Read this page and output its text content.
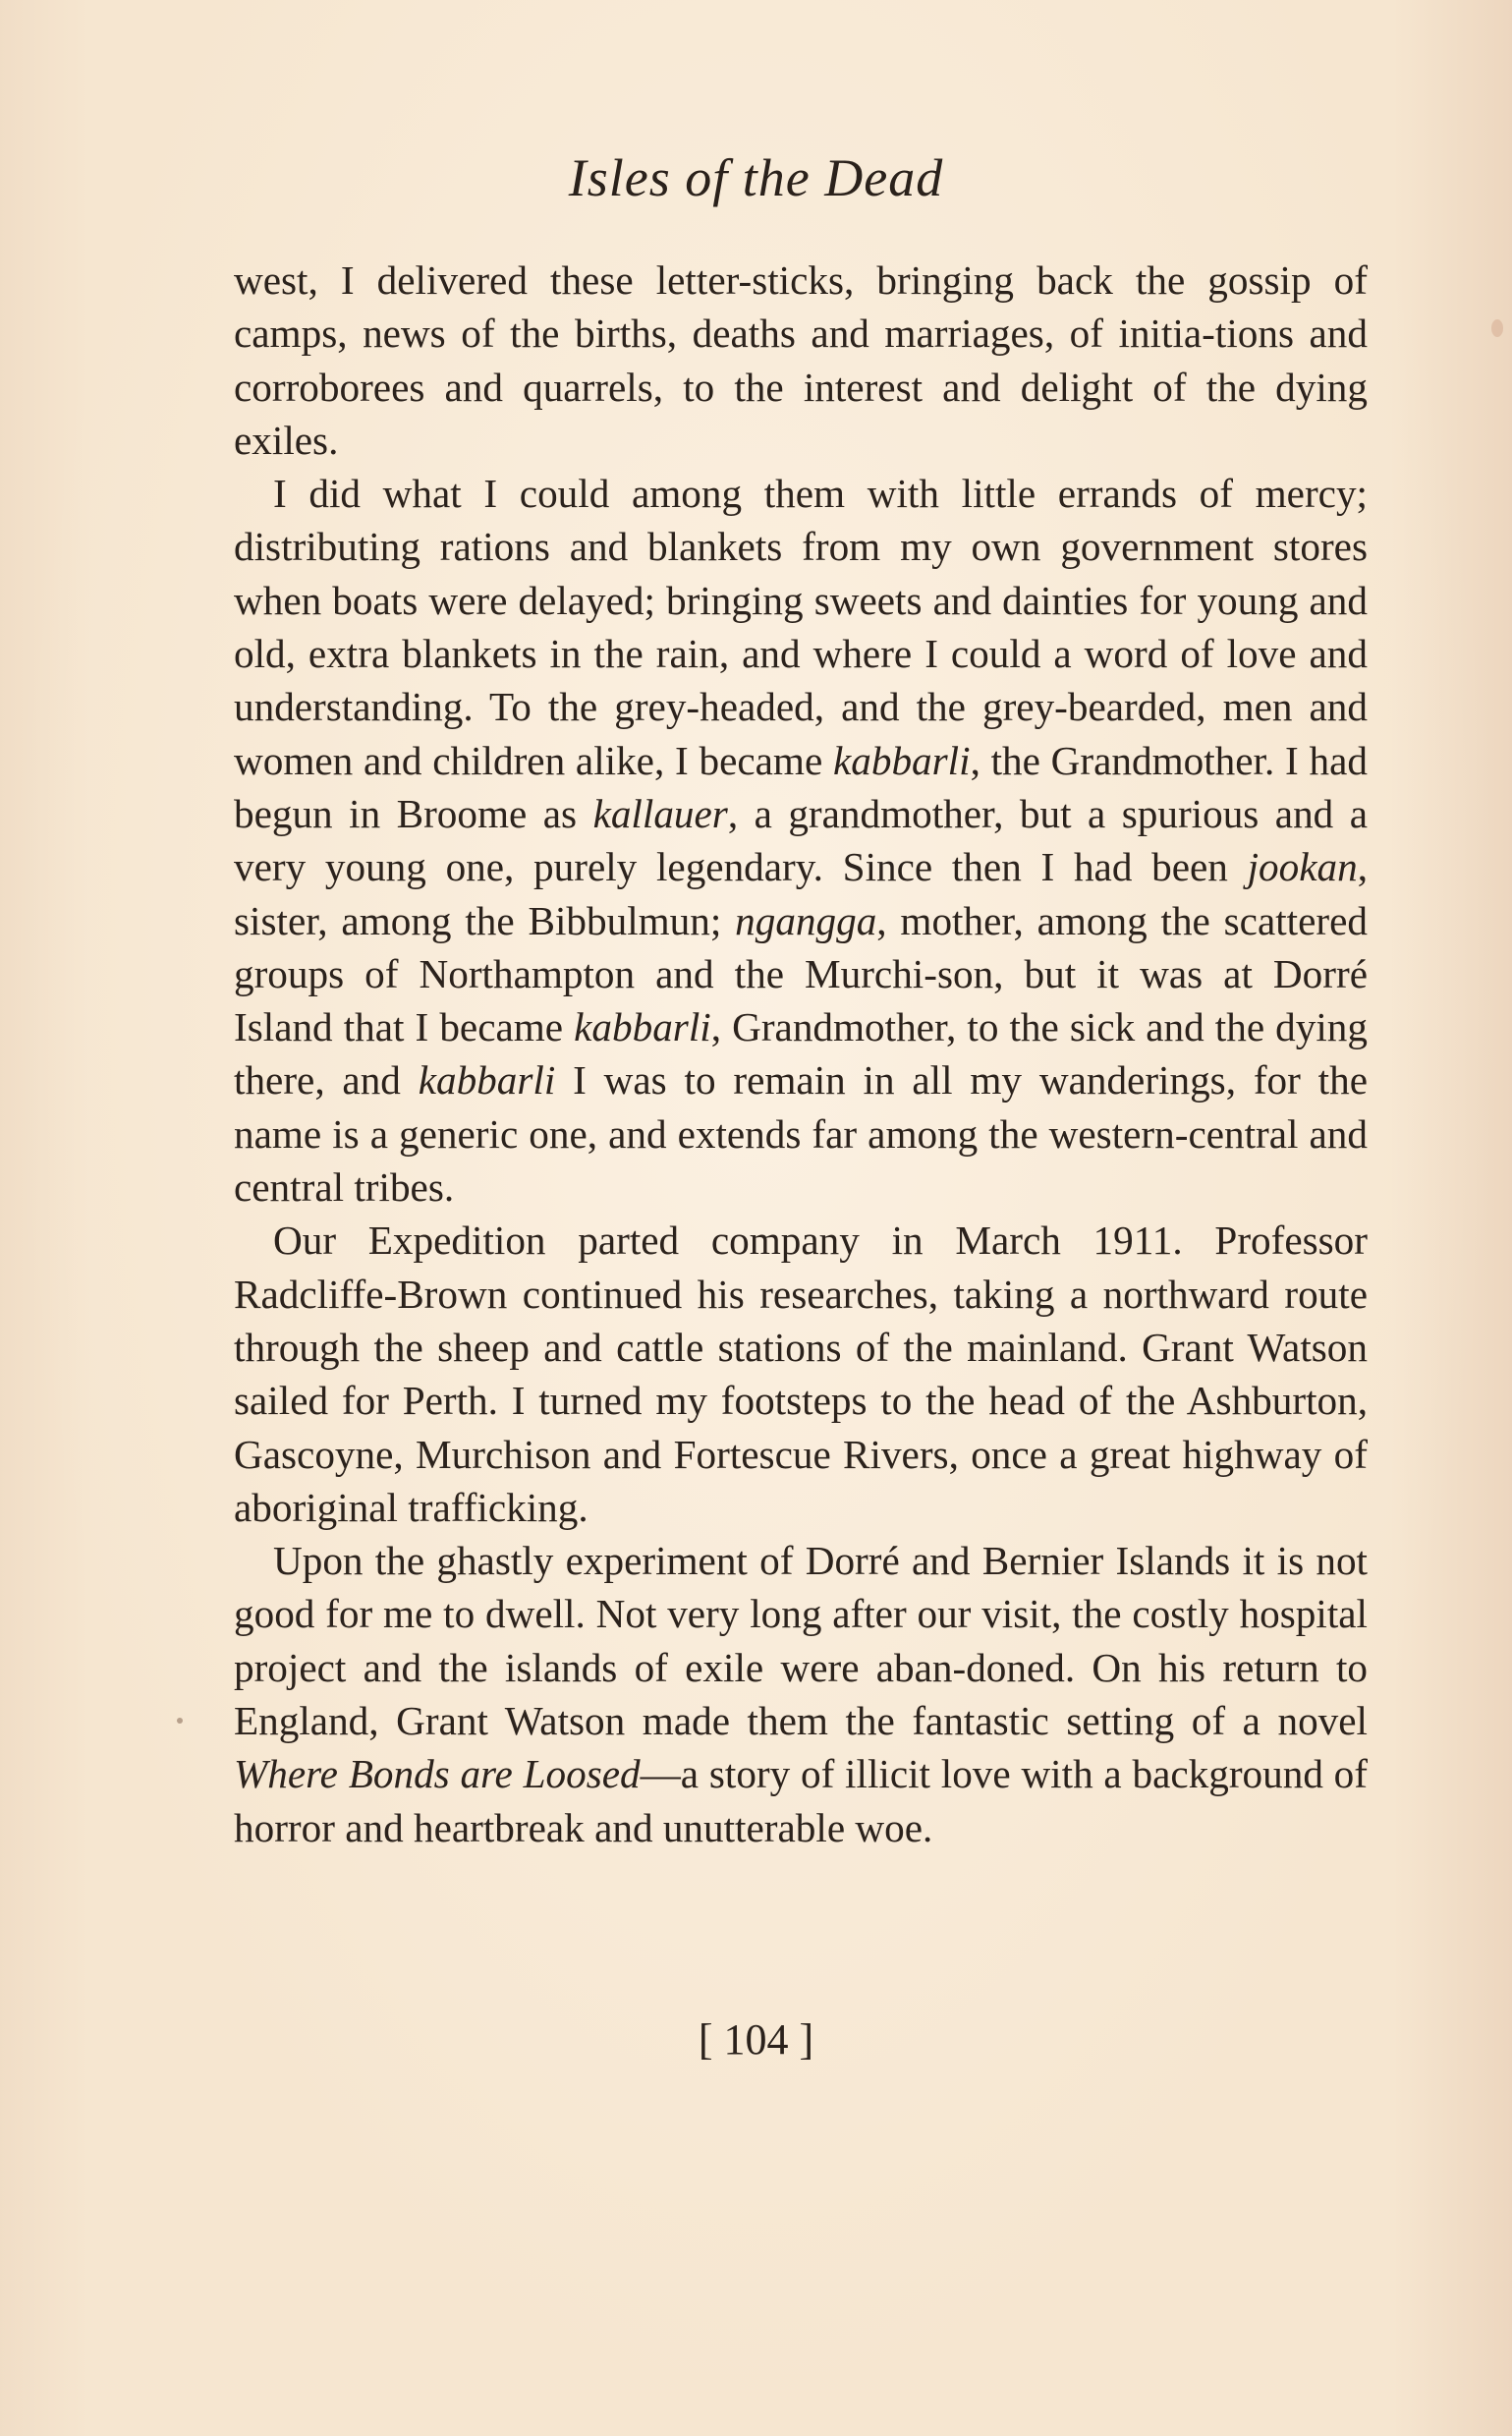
Isles of the Dead

west, I delivered these letter-sticks, bringing back the gossip of camps, news of the births, deaths and marriages, of initia-tions and corroborees and quarrels, to the interest and delight of the dying exiles.

I did what I could among them with little errands of mercy; distributing rations and blankets from my own government stores when boats were delayed; bringing sweets and dainties for young and old, extra blankets in the rain, and where I could a word of love and understanding. To the grey-headed, and the grey-bearded, men and women and children alike, I became kabbarli, the Grandmother. I had begun in Broome as kallauer, a grandmother, but a spurious and a very young one, purely legendary. Since then I had been jookan, sister, among the Bibbulmun; ngangga, mother, among the scattered groups of Northampton and the Murchi-son, but it was at Dorré Island that I became kabbarli, Grandmother, to the sick and the dying there, and kabbarli I was to remain in all my wanderings, for the name is a generic one, and extends far among the western-central and central tribes.

Our Expedition parted company in March 1911. Professor Radcliffe-Brown continued his researches, taking a northward route through the sheep and cattle stations of the mainland. Grant Watson sailed for Perth. I turned my footsteps to the head of the Ashburton, Gascoyne, Murchison and Fortescue Rivers, once a great highway of aboriginal trafficking.

Upon the ghastly experiment of Dorré and Bernier Islands it is not good for me to dwell. Not very long after our visit, the costly hospital project and the islands of exile were aban-doned. On his return to England, Grant Watson made them the fantastic setting of a novel Where Bonds are Loosed—a story of illicit love with a background of horror and heartbreak and unutterable woe.

[ 104 ]
